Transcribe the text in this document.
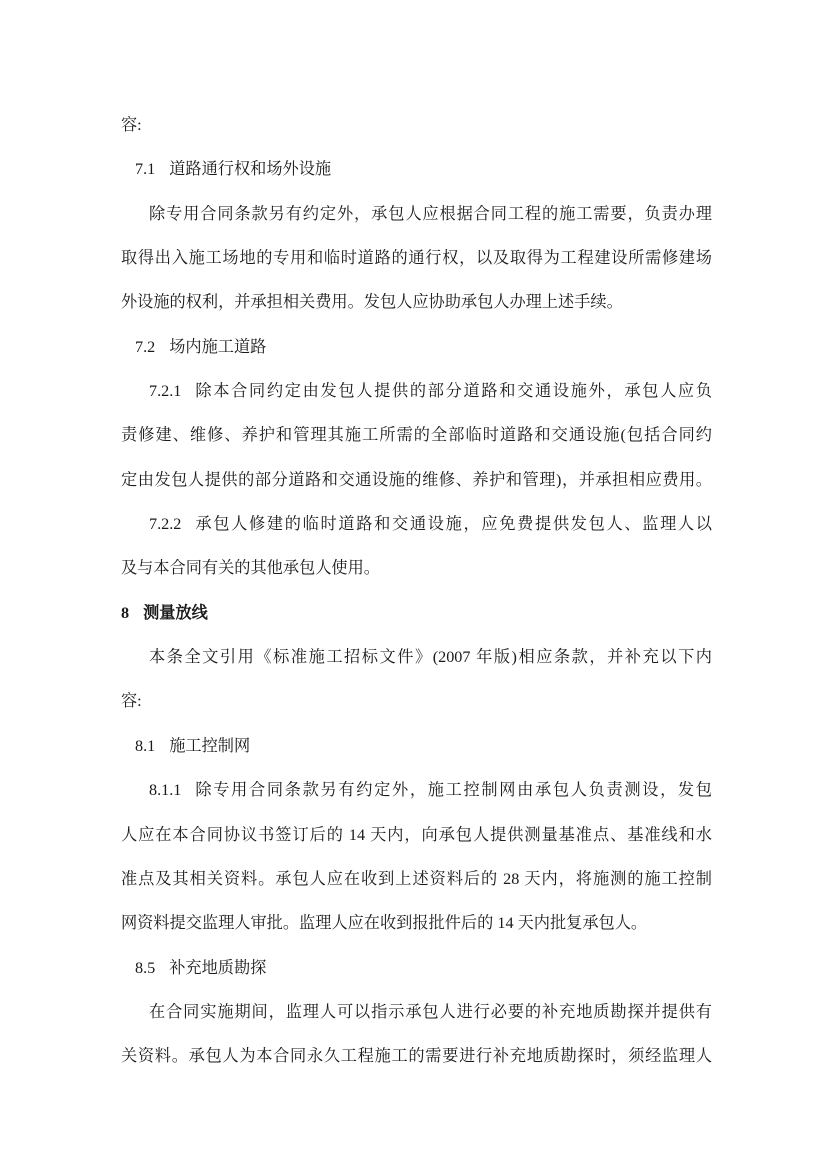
容:
7.1 道路通行权和场外设施
除专用合同条款另有约定外，承包人应根据合同工程的施工需要，负责办理
取得出入施工场地的专用和临时道路的通行权，以及取得为工程建设所需修建场
外设施的权利，并承担相关费用。发包人应协助承包人办理上述手续。
7.2 场内施工道路
7.2.1 除本合同约定由发包人提供的部分道路和交通设施外，承包人应负
责修建、维修、养护和管理其施工所需的全部临时道路和交通设施(包括合同约
定由发包人提供的部分道路和交通设施的维修、养护和管理)，并承担相应费用。
7.2.2 承包人修建的临时道路和交通设施，应免费提供发包人、监理人以
及与本合同有关的其他承包人使用。
8 测量放线
本条全文引用《标准施工招标文件》(2007 年版)相应条款，并补充以下内
容:
8.1 施工控制网
8.1.1 除专用合同条款另有约定外，施工控制网由承包人负责测设，发包
人应在本合同协议书签订后的 14 天内，向承包人提供测量基准点、基准线和水
准点及其相关资料。承包人应在收到上述资料后的 28 天内，将施测的施工控制
网资料提交监理人审批。监理人应在收到报批件后的 14 天内批复承包人。
8.5 补充地质勘探
在合同实施期间，监理人可以指示承包人进行必要的补充地质勘探并提供有
关资料。承包人为本合同永久工程施工的需要进行补充地质勘探时，须经监理人
